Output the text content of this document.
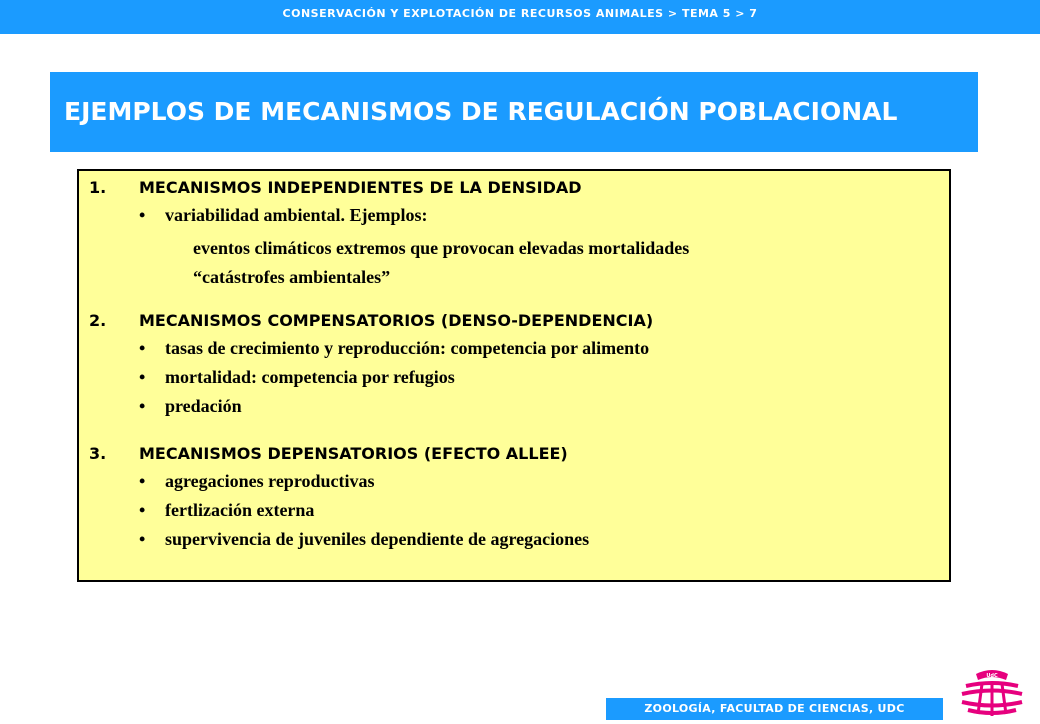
CONSERVACIÓN Y EXPLOTACIÓN DE RECURSOS ANIMALES > TEMA 5 > 7
EJEMPLOS DE MECANISMOS DE REGULACIÓN POBLACIONAL
1.	MECANISMOS INDEPENDIENTES DE LA DENSIDAD
•	variabilidad ambiental. Ejemplos:
eventos climáticos extremos que provocan elevadas mortalidades
“catástrofes ambientales”
2.	MECANISMOS COMPENSATORIOS (DENSO-DEPENDENCIA)
•	tasas de crecimiento y reproducción: competencia por alimento
•	mortalidad: competencia por refugios
•	predación
3.	MECANISMOS DEPENSATORIOS (EFECTO ALLEE)
•	agregaciones reproductivas
•	fertlización externa
•	supervivencia de juveniles dependiente de agregaciones
ZOOLOGÍA, FACULTAD DE CIENCIAS, UDC
UdC
